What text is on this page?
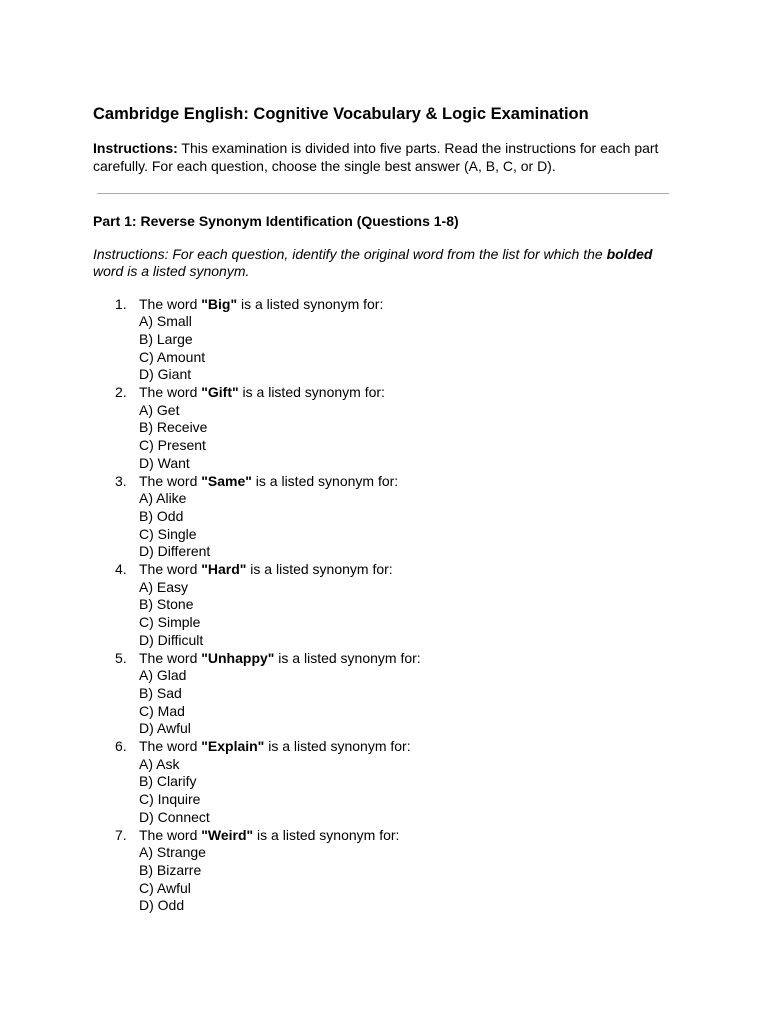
Cambridge English: Cognitive Vocabulary & Logic Examination
Instructions: This examination is divided into five parts. Read the instructions for each part carefully. For each question, choose the single best answer (A, B, C, or D).
Part 1: Reverse Synonym Identification (Questions 1-8)
Instructions: For each question, identify the original word from the list for which the bolded word is a listed synonym.
1. The word "Big" is a listed synonym for:
A) Small
B) Large
C) Amount
D) Giant
2. The word "Gift" is a listed synonym for:
A) Get
B) Receive
C) Present
D) Want
3. The word "Same" is a listed synonym for:
A) Alike
B) Odd
C) Single
D) Different
4. The word "Hard" is a listed synonym for:
A) Easy
B) Stone
C) Simple
D) Difficult
5. The word "Unhappy" is a listed synonym for:
A) Glad
B) Sad
C) Mad
D) Awful
6. The word "Explain" is a listed synonym for:
A) Ask
B) Clarify
C) Inquire
D) Connect
7. The word "Weird" is a listed synonym for:
A) Strange
B) Bizarre
C) Awful
D) Odd
